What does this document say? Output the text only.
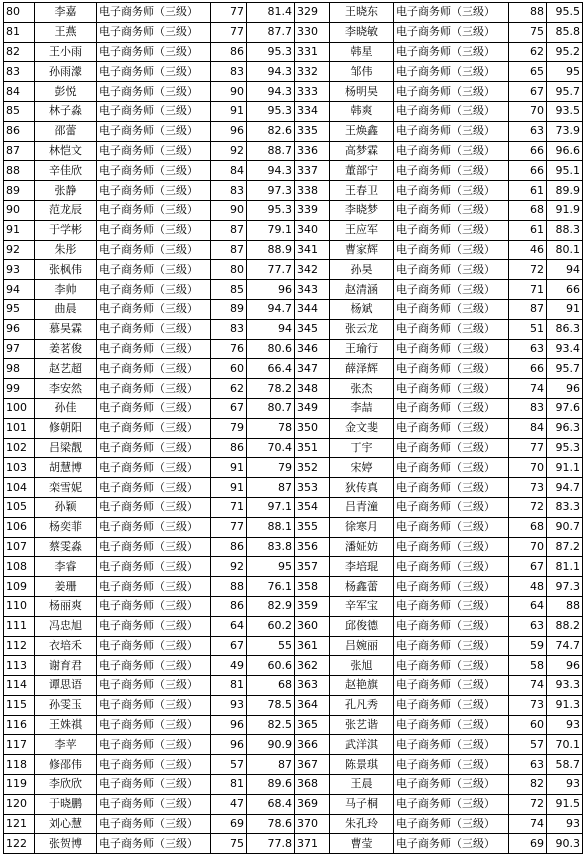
80	李嘉	电子商务师（三级）	77	81.4	329	王晓东	电子商务师（三级）	88	95.5
81	王燕	电子商务师（三级）	77	87.7	330	李晓敏	电子商务师（三级）	75	85.8
82	王小雨	电子商务师（三级）	86	95.3	331	韩星	电子商务师（三级）	62	95.2
83	孙雨濛	电子商务师（三级）	83	94.3	332	邹伟	电子商务师（三级）	65	95
84	彭悦	电子商务师（三级）	90	94.3	333	杨明昊	电子商务师（三级）	67	95.7
85	林子淼	电子商务师（三级）	91	95.3	334	韩爽	电子商务师（三级）	70	93.5
86	邵蕾	电子商务师（三级）	96	82.6	335	王焕鑫	电子商务师（三级）	63	73.9
87	林恺文	电子商务师（三级）	92	88.7	336	高梦霖	电子商务师（三级）	66	96.6
88	辛佳欣	电子商务师（三级）	84	94.3	337	董部宁	电子商务师（三级）	66	95.1
89	张静	电子商务师（三级）	83	97.3	338	王春卫	电子商务师（三级）	61	89.9
90	范龙辰	电子商务师（三级）	90	95.3	339	李晓梦	电子商务师（三级）	68	91.9
91	于学彬	电子商务师（三级）	87	79.1	340	王应军	电子商务师（三级）	61	88.3
92	朱彤	电子商务师（三级）	87	88.9	341	曹家辉	电子商务师（三级）	46	80.1
93	张枫伟	电子商务师（三级）	80	77.7	342	孙昊	电子商务师（三级）	72	94
94	李帅	电子商务师（三级）	85	96	343	赵清涵	电子商务师（三级）	71	66
95	曲晨	电子商务师（三级）	89	94.7	344	杨斌	电子商务师（三级）	87	91
96	慕昊霖	电子商务师（三级）	83	94	345	张云龙	电子商务师（三级）	51	86.3
97	姜茗俊	电子商务师（三级）	76	80.6	346	王瑜行	电子商务师（三级）	63	93.4
98	赵艺超	电子商务师（三级）	60	66.4	347	薛泽辉	电子商务师（三级）	66	95.7
99	李安然	电子商务师（三级）	62	78.2	348	张杰	电子商务师（三级）	74	96
100	孙佳	电子商务师（三级）	67	80.7	349	李喆	电子商务师（三级）	83	97.6
101	修朝阳	电子商务师（三级）	79	78	350	金文斐	电子商务师（三级）	84	96.3
102	吕梁靓	电子商务师（三级）	86	70.4	351	丁宇	电子商务师（三级）	77	95.3
103	胡慧博	电子商务师（三级）	91	79	352	宋婷	电子商务师（三级）	70	91.1
104	栾雪妮	电子商务师（三级）	91	87	353	狄传真	电子商务师（三级）	73	94.7
105	孙颖	电子商务师（三级）	71	97.1	354	吕青潼	电子商务师（三级）	72	83.3
106	杨奕菲	电子商务师（三级）	77	88.1	355	徐寒月	电子商务师（三级）	68	90.7
107	蔡雯淼	电子商务师（三级）	86	83.8	356	潘姃妨	电子商务师（三级）	70	87.2
108	李睿	电子商务师（三级）	92	95	357	李培琨	电子商务师（三级）	67	81.1
109	姜珊	电子商务师（三级）	88	76.1	358	杨鑫蕾	电子商务师（三级）	48	97.3
110	杨丽爽	电子商务师（三级）	86	82.9	359	辛军宝	电子商务师（三级）	64	88
111	冯忠旭	电子商务师（三级）	64	60.2	360	邱俊德	电子商务师（三级）	63	88.2
112	衣培禾	电子商务师（三级）	67	55	361	吕婉丽	电子商务师（三级）	59	74.7
113	谢育君	电子商务师（三级）	49	60.6	362	张旭	电子商务师（三级）	58	96
114	谭思语	电子商务师（三级）	81	68	363	赵艳旗	电子商务师（三级）	74	93.3
115	孙雯玉	电子商务师（三级）	93	78.5	364	孔凡秀	电子商务师（三级）	73	91.3
116	王姝祺	电子商务师（三级）	96	82.5	365	张艺谐	电子商务师（三级）	60	93
117	李苹	电子商务师（三级）	96	90.9	366	武洋淇	电子商务师（三级）	57	70.1
118	修邵伟	电子商务师（三级）	57	87	367	陈景琪	电子商务师（三级）	63	58.7
119	李欣欣	电子商务师（三级）	81	89.6	368	王晨	电子商务师（三级）	82	93
120	于晓鹏	电子商务师（三级）	47	68.4	369	马子桐	电子商务师（三级）	72	91.5
121	刘心慧	电子商务师（三级）	69	78.6	370	朱孔玲	电子商务师（三级）	74	93
122	张贺博	电子商务师（三级）	75	77.8	371	曹莹	电子商务师（三级）	69	90.3
